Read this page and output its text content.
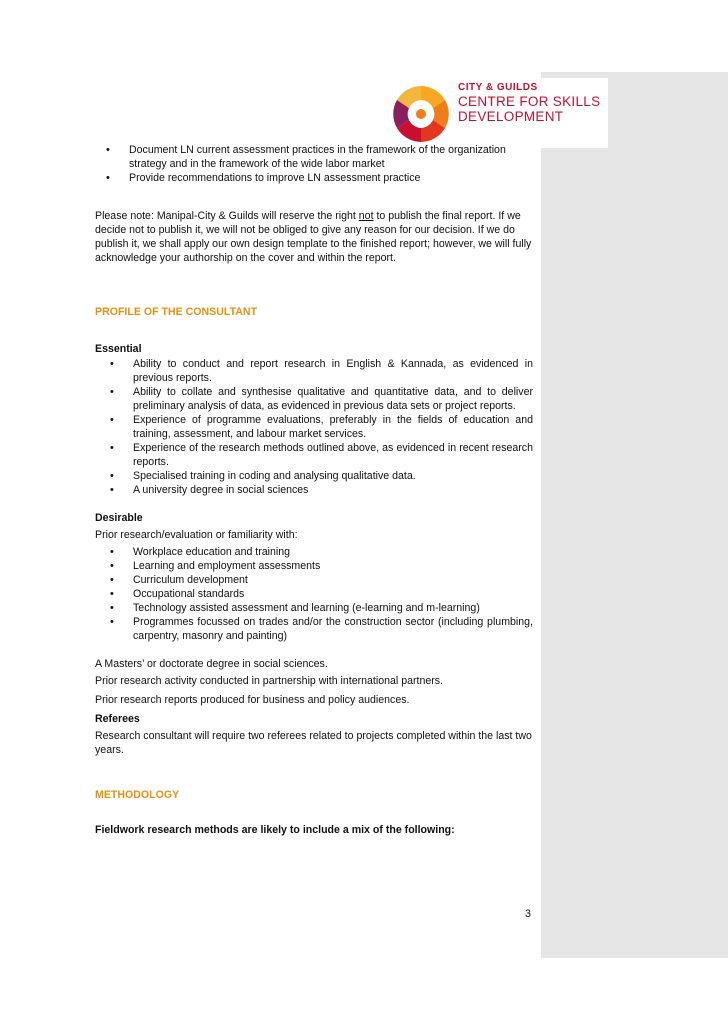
CITY & GUILDS
CENTRE FOR SKILLS
DEVELOPMENT
• Document LN current assessment practices in the framework of the organization strategy and in the framework of the wide labor market
• Provide recommendations to improve LN assessment practice

Please note: Manipal-City & Guilds will reserve the right not to publish the final report. If we decide not to publish it, we will not be obliged to give any reason for our decision. If we do publish it, we shall apply our own design template to the finished report; however, we will fully acknowledge your authorship on the cover and within the report.

PROFILE OF THE CONSULTANT

Essential

• Ability to conduct and report research in English & Kannada, as evidenced in previous reports.
• Ability to collate and synthesise qualitative and quantitative data, and to deliver preliminary analysis of data, as evidenced in previous data sets or project reports.
• Experience of programme evaluations, preferably in the fields of education and training, assessment, and labour market services.
• Experience of the research methods outlined above, as evidenced in recent research reports.
• Specialised training in coding and analysing qualitative data.
• A university degree in social sciences

Desirable

Prior research/evaluation or familiarity with:

• Workplace education and training
• Learning and employment assessments
• Curriculum development
• Occupational standards
• Technology assisted assessment and learning (e-learning and m-learning)
• Programmes focussed on trades and/or the construction sector (including plumbing, carpentry, masonry and painting)

A Masters’ or doctorate degree in social sciences.

Prior research activity conducted in partnership with international partners.

Prior research reports produced for business and policy audiences.

Referees

Research consultant will require two referees related to projects completed within the last two years.

METHODOLOGY

Fieldwork research methods are likely to include a mix of the following:

3
